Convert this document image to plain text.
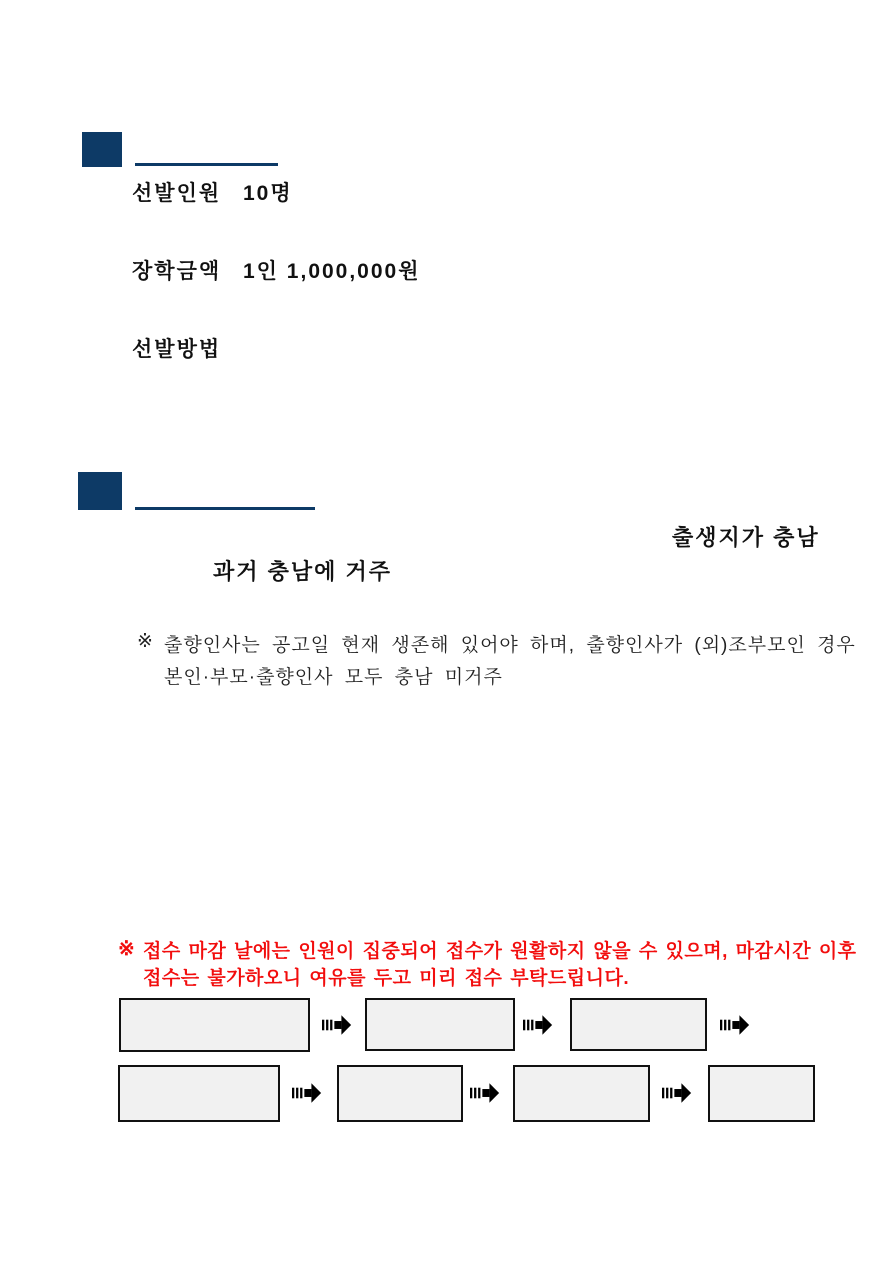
선발인원 10명
장학금액 1인 1,000,000원
선발방법
출생지가 충남
과거 충남에 거주
※ 출향인사는 공고일 현재 생존해 있어야 하며, 출향인사가 (외)조부모인 경우
본인·부모·출향인사 모두 충남 미거주
※ 접수 마감 날에는 인원이 집중되어 접수가 원활하지 않을 수 있으며, 마감시간 이후
접수는 불가하오니 여유를 두고 미리 접수 부탁드립니다.
